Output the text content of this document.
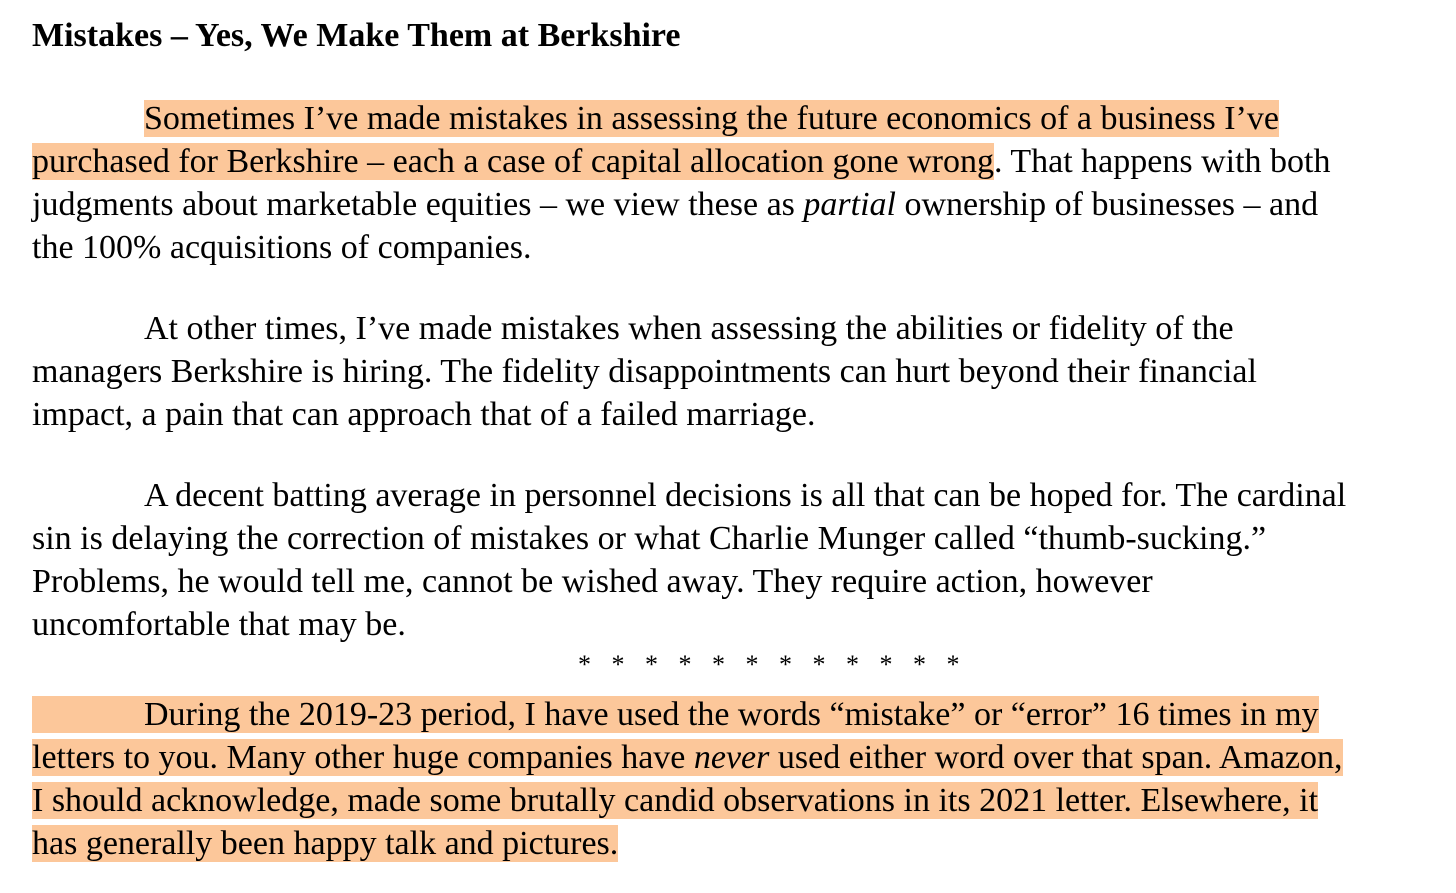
Mistakes – Yes, We Make Them at Berkshire
Sometimes I’ve made mistakes in assessing the future economics of a business I’ve
purchased for Berkshire – each a case of capital allocation gone wrong. That happens with both
judgments about marketable equities – we view these as partial ownership of businesses – and
the 100% acquisitions of companies.
At other times, I’ve made mistakes when assessing the abilities or fidelity of the
managers Berkshire is hiring. The fidelity disappointments can hurt beyond their financial
impact, a pain that can approach that of a failed marriage.
A decent batting average in personnel decisions is all that can be hoped for. The cardinal
sin is delaying the correction of mistakes or what Charlie Munger called “thumb-sucking.”
Problems, he would tell me, cannot be wished away. They require action, however
uncomfortable that may be.
* * * * * * * * * * * *
During the 2019-23 period, I have used the words “mistake” or “error” 16 times in my
letters to you. Many other huge companies have never used either word over that span. Amazon,
I should acknowledge, made some brutally candid observations in its 2021 letter. Elsewhere, it
has generally been happy talk and pictures.
